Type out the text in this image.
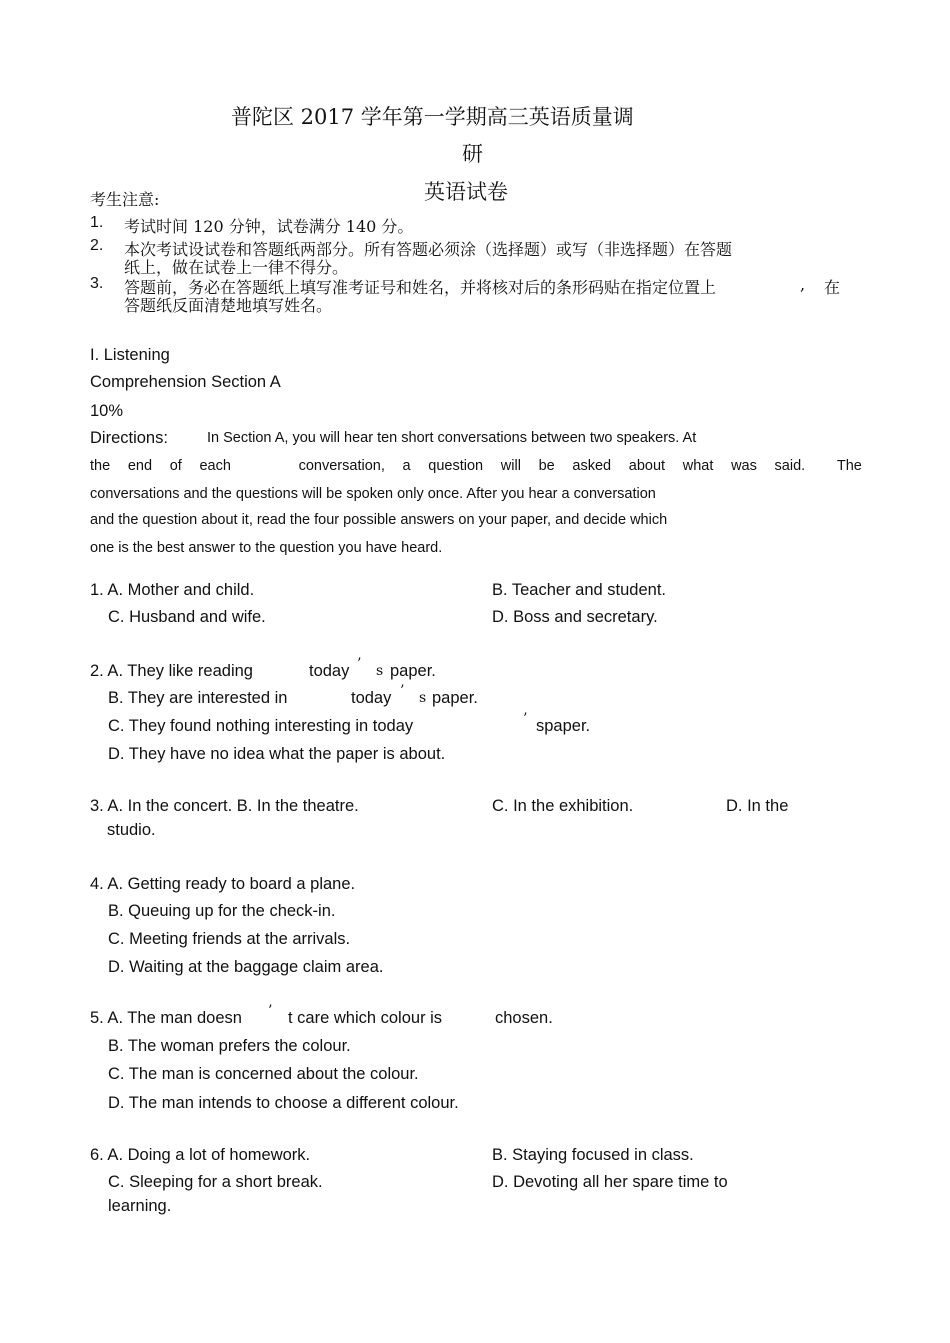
普陀区 2017 学年第一学期高三英语质量调
研
英语试卷
考生注意:
1. 考试时间 120 分钟，试卷满分 140 分。
2. 本次考试设试卷和答题纸两部分。所有答题必须涂（选择题）或写（非选择题）在答题
纸上，做在试卷上一律不得分。
3. 答题前，务必在答题纸上填写准考证号和姓名，并将核对后的条形码贴在指定位置上	, 在
答题纸反面清楚地填写姓名。
I. Listening
Comprehension Section A
10%
Directions:	In Section A, you will hear ten short conversations between two speakers. At
the end of each	conversation, a question will be asked about what was said. The
conversations and the questions will be spoken only once. After you hear a conversation
and the question about it, read the four possible answers on your paper, and decide which
one is the best answer to the question you have heard.
1. A. Mother and child.	B. Teacher and student.
C. Husband and wife.	D. Boss and secretary.
2. A. They like reading	today ’ s paper.
B. They are interested in	today ’ s paper.
C. They found nothing interesting in today	’ spaper.
D. They have no idea what the paper is about.
3. A. In the concert. B. In the theatre.	C. In the exhibition.	D. In the
studio.
4. A. Getting ready to board a plane.
B. Queuing up for the check-in.
C. Meeting friends at the arrivals.
D. Waiting at the baggage claim area.
5. A. The man doesn ’ t care which colour is	chosen.
B. The woman prefers the colour.
C. The man is concerned about the colour.
D. The man intends to choose a different colour.
6. A. Doing a lot of homework.	B. Staying focused in class.
C. Sleeping for a short break.	D. Devoting all her spare time to
learning.
